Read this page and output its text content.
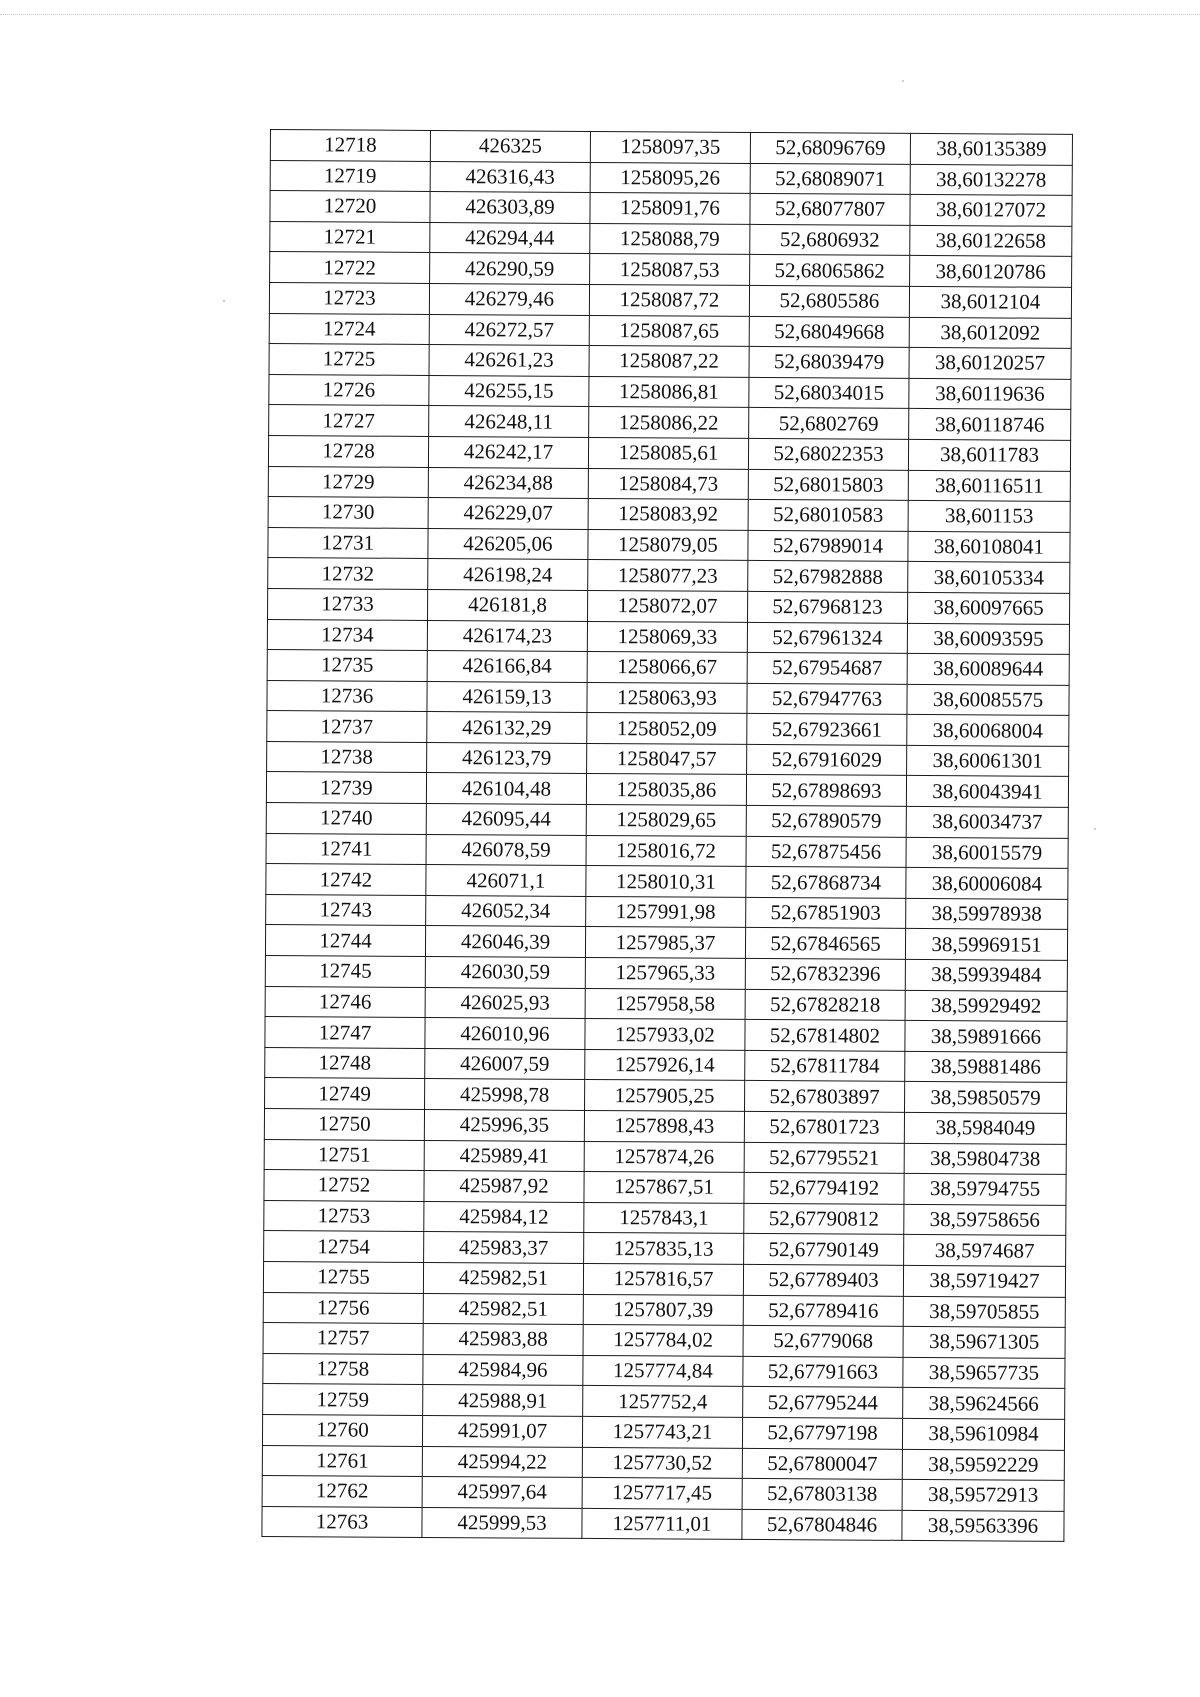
12718	426325	1258097,35	52,68096769	38,60135389
12719	426316,43	1258095,26	52,68089071	38,60132278
12720	426303,89	1258091,76	52,68077807	38,60127072
12721	426294,44	1258088,79	52,6806932	38,60122658
12722	426290,59	1258087,53	52,68065862	38,60120786
12723	426279,46	1258087,72	52,6805586	38,6012104
12724	426272,57	1258087,65	52,68049668	38,6012092
12725	426261,23	1258087,22	52,68039479	38,60120257
12726	426255,15	1258086,81	52,68034015	38,60119636
12727	426248,11	1258086,22	52,6802769	38,60118746
12728	426242,17	1258085,61	52,68022353	38,6011783
12729	426234,88	1258084,73	52,68015803	38,60116511
12730	426229,07	1258083,92	52,68010583	38,601153
12731	426205,06	1258079,05	52,67989014	38,60108041
12732	426198,24	1258077,23	52,67982888	38,60105334
12733	426181,8	1258072,07	52,67968123	38,60097665
12734	426174,23	1258069,33	52,67961324	38,60093595
12735	426166,84	1258066,67	52,67954687	38,60089644
12736	426159,13	1258063,93	52,67947763	38,60085575
12737	426132,29	1258052,09	52,67923661	38,60068004
12738	426123,79	1258047,57	52,67916029	38,60061301
12739	426104,48	1258035,86	52,67898693	38,60043941
12740	426095,44	1258029,65	52,67890579	38,60034737
12741	426078,59	1258016,72	52,67875456	38,60015579
12742	426071,1	1258010,31	52,67868734	38,60006084
12743	426052,34	1257991,98	52,67851903	38,59978938
12744	426046,39	1257985,37	52,67846565	38,59969151
12745	426030,59	1257965,33	52,67832396	38,59939484
12746	426025,93	1257958,58	52,67828218	38,59929492
12747	426010,96	1257933,02	52,67814802	38,59891666
12748	426007,59	1257926,14	52,67811784	38,59881486
12749	425998,78	1257905,25	52,67803897	38,59850579
12750	425996,35	1257898,43	52,67801723	38,5984049
12751	425989,41	1257874,26	52,67795521	38,59804738
12752	425987,92	1257867,51	52,67794192	38,59794755
12753	425984,12	1257843,1	52,67790812	38,59758656
12754	425983,37	1257835,13	52,67790149	38,5974687
12755	425982,51	1257816,57	52,67789403	38,59719427
12756	425982,51	1257807,39	52,67789416	38,59705855
12757	425983,88	1257784,02	52,6779068	38,59671305
12758	425984,96	1257774,84	52,67791663	38,59657735
12759	425988,91	1257752,4	52,67795244	38,59624566
12760	425991,07	1257743,21	52,67797198	38,59610984
12761	425994,22	1257730,52	52,67800047	38,59592229
12762	425997,64	1257717,45	52,67803138	38,59572913
12763	425999,53	1257711,01	52,67804846	38,59563396
